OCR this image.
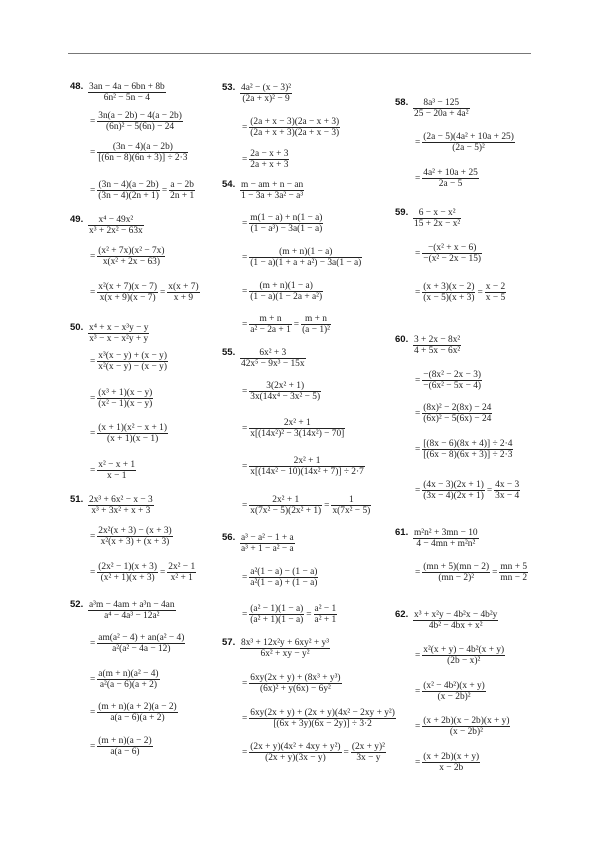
48. $\frac{3an - 4a - 6bn + 8b}{\text{6n² − 5n − 4}}$
= $\frac{3n(a - 2b) - 4(a - 2b)}{\text{(6n)² − 5(6n) − 24}}$
= $\frac{(3n - 4)(a - 2b)}{[(6n - 8)(6n + 3)] \div 2\cdot 3}$
= $\frac{(3n - 4)(a - 2b)}{(3n - 4)(2n + 1)} = \frac{a - 2b}{2n + 1}$
49. $\frac{\text{x⁴ − 49x²}}{\text{x³ + 2x² − 63x}}$
= $\frac{\text{(x² + 7x)(x² − 7x)}}{\text{x(x² + 2x − 63)}}$
= $\frac{\text{x²(x + 7)(x − 7)}}{x(x + 9)(x - 7)} = \frac{x(x + 7)}{x + 9}$
50. $\frac{\text{x⁴ + x − x³y − y}}{\text{x³ − x − x²y + y}}$
= $\frac{\text{x³(x − y) + (x − y)}}{\text{x²(x − y) − (x − y)}}$
= $\frac{\text{(x³ + 1)(x − y)}}{\text{(x² − 1)(x − y)}}$
= $\frac{\text{(x + 1)(x² − x + 1)}}{(x + 1)(x - 1)}$
= $\frac{\text{x² − x + 1}}{x - 1}$
51. $\frac{\text{2x³ + 6x² − x − 3}}{\text{x³ + 3x² + x + 3}}$
= $\frac{\text{2x²(x + 3) − (x + 3)}}{\text{x²(x + 3) + (x + 3)}}$
= $\frac{\text{(2x² − 1)(x + 3)}}{\text{(x² + 1)(x + 3)}} = \frac{\text{2x² − 1}}{\text{x² + 1}}$
52. $\frac{\text{a³m − 4am + a³n − 4an}}{\text{a⁴ − 4a³ − 12a²}}$
= $\frac{\text{am(a² − 4) + an(a² − 4)}}{\text{a²(a² − 4a − 12)}}$
= $\frac{\text{a(m + n)(a² − 4)}}{\text{a²(a − 6)(a + 2)}}$
= $\frac{(m + n)(a + 2)(a - 2)}{a(a - 6)(a + 2)}$
= $\frac{(m + n)(a - 2)}{a(a - 6)}$
53. $\frac{\text{4a² − (x − 3)²}}{\text{(2a + x)² − 9}}$
= $\frac{(2a + x - 3)(2a - x + 3)}{(2a + x + 3)(2a + x - 3)}$
= $\frac{2a - x + 3}{2a + x + 3}$
54. $\frac{m - am + n - an}{\text{1 − 3a + 3a² − a³}}$
= $\frac{m(1 - a) + n(1 - a)}{\text{(1 − a³) − 3a(1 − a)}}$
= $\frac{(m + n)(1 - a)}{\text{(1 − a)(1 + a + a²) − 3a(1 − a)}}$
= $\frac{(m + n)(1 - a)}{\text{(1 − a)(1 − 2a + a²)}}$
= $\frac{m + n}{\text{a² − 2a + 1}} = \frac{m + n}{\text{(a − 1)²}}$
55. $\frac{\text{6x² + 3}}{\text{42x⁵ − 9x³ − 15x}}$
= $\frac{\text{3(2x² + 1)}}{\text{3x(14x⁴ − 3x² − 5)}}$
= $\frac{\text{2x² + 1}}{\text{x[(14x²)² − 3(14x²) − 70]}}$
= $\frac{\text{2x² + 1}}{\text{x[(14x² − 10)(14x² + 7)] ÷ 2·7}}$
= $\frac{\text{2x² + 1}}{\text{x(7x² − 5)(2x² + 1)}} = \frac{1}{\text{x(7x² − 5)}}$
56. $\frac{\text{a³ − a² − 1 + a}}{\text{a³ + 1 − a² − a}}$
= $\frac{\text{a²(1 − a) − (1 − a)}}{\text{a²(1 − a) + (1 − a)}}$
= $\frac{\text{(a² − 1)(1 − a)}}{\text{(a² + 1)(1 − a)}} = \frac{\text{a² − 1}}{\text{a² + 1}}$
57. $\frac{\text{8x³ + 12x²y + 6xy² + y³}}{\text{6x² + xy − y²}}$
= $\frac{\text{6xy(2x + y) + (8x³ + y³)}}{\text{(6x)² + y(6x) − 6y²}}$
= $\frac{\text{6xy(2x + y) + (2x + y)(4x² − 2xy + y²)}}{[(6x + 3y)(6x - 2y)] \div 3\cdot 2}$
= $\frac{\text{(2x + y)(4x² + 4xy + y²)}}{(2x + y)(3x - y)} = \frac{\text{(2x + y)²}}{3x - y}$
58. $\frac{\text{8a³ − 125}}{\text{25 − 20a + 4a²}}$
= $\frac{\text{(2a − 5)(4a² + 10a + 25)}}{\text{(2a − 5)²}}$
= $\frac{\text{4a² + 10a + 25}}{2a - 5}$
59. $\frac{\text{6 − x − x²}}{\text{15 + 2x − x²}}$
= $\frac{\text{−(x² + x − 6)}}{\text{−(x² − 2x − 15)}}$
= $\frac{(x + 3)(x - 2)}{(x - 5)(x + 3)} = \frac{x - 2}{x - 5}$
60. $\frac{\text{3 + 2x − 8x²}}{\text{4 + 5x − 6x²}}$
= $\frac{\text{−(8x² − 2x − 3)}}{\text{−(6x² − 5x − 4)}}$
= $\frac{\text{(8x)² − 2(8x) − 24}}{\text{(6x)² − 5(6x) − 24}}$
= $\frac{[(8x - 6)(8x + 4)] \div 2\cdot 4}{[(6x - 8)(6x + 3)] \div 2\cdot 3}$
= $\frac{(4x - 3)(2x + 1)}{(3x - 4)(2x + 1)} = \frac{4x - 3}{3x - 4}$
61. $\frac{\text{m²n² + 3mn − 10}}{\text{4 − 4mn + m²n²}}$
= $\frac{(mn + 5)(mn - 2)}{\text{(mn − 2)²}} = \frac{mn + 5}{mn - 2}$
62. $\frac{\text{x³ + x²y − 4b²x − 4b²y}}{\text{4b² − 4bx + x²}}$
= $\frac{\text{x²(x + y) − 4b²(x + y)}}{\text{(2b − x)²}}$
= $\frac{\text{(x² − 4b²)(x + y)}}{\text{(x − 2b)²}}$
= $\frac{(x + 2b)(x - 2b)(x + y)}{\text{(x − 2b)²}}$
= $\frac{(x + 2b)(x + y)}{x - 2b}$
